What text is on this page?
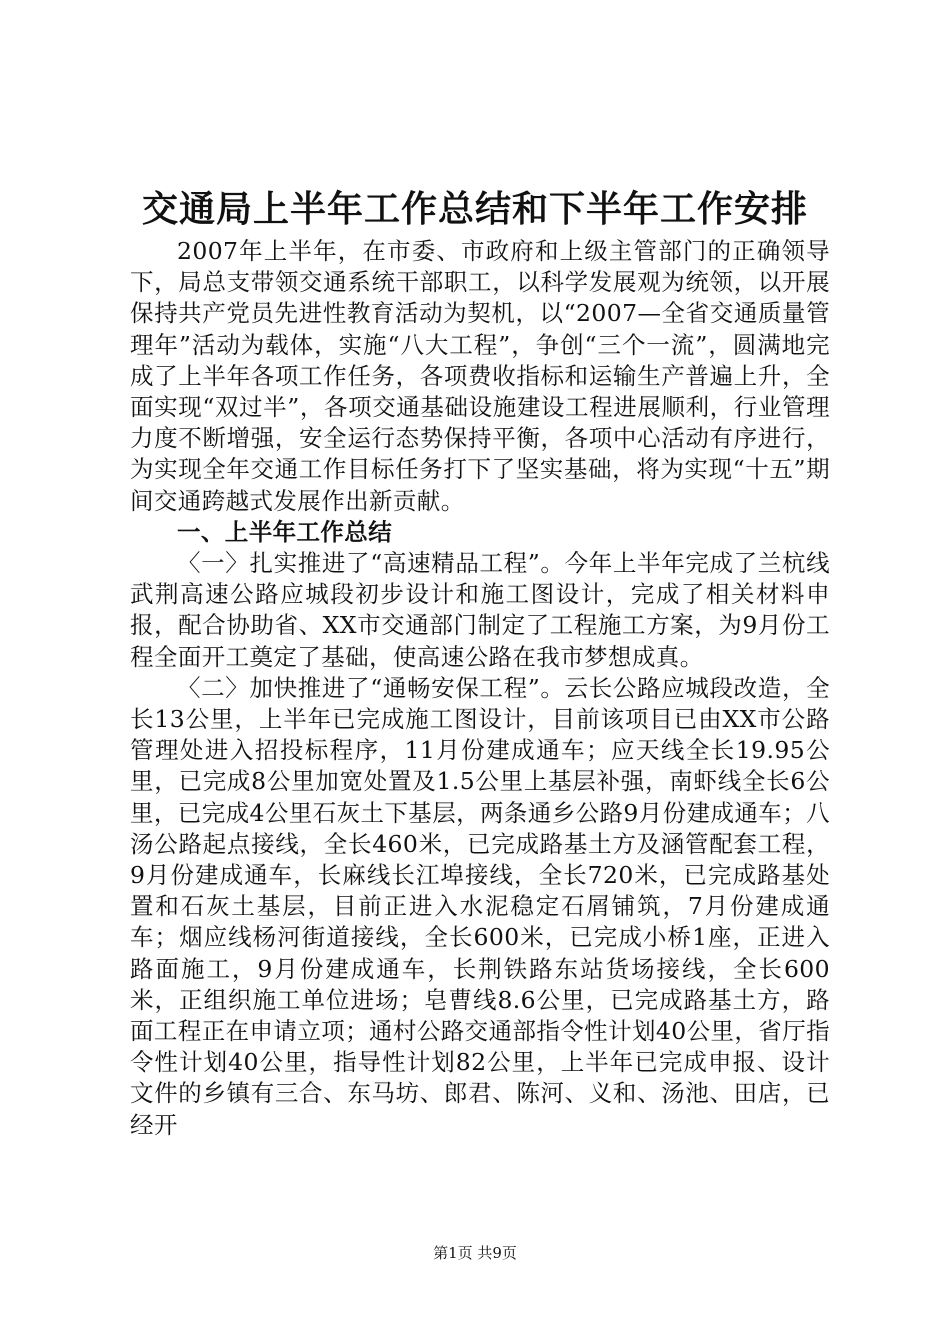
交通局上半年工作总结和下半年工作安排

2007年上半年，在市委、市政府和上级主管部门的正确领导下，局总支带领交通系统干部职工，以科学发展观为统领，以开展保持共产党员先进性教育活动为契机，以“2007—全省交通质量管理年”活动为载体，实施“八大工程”，争创“三个一流”，圆满地完成了上半年各项工作任务，各项费收指标和运输生产普遍上升，全面实现“双过半”，各项交通基础设施建设工程进展顺利，行业管理力度不断增强，安全运行态势保持平衡，各项中心活动有序进行，为实现全年交通工作目标任务打下了坚实基础，将为实现“十五”期间交通跨越式发展作出新贡献。

一、上半年工作总结

〈一〉扎实推进了“高速精品工程”。今年上半年完成了兰杭线武荆高速公路应城段初步设计和施工图设计，完成了相关材料申报，配合协助省、XX市交通部门制定了工程施工方案，为9月份工程全面开工奠定了基础，使高速公路在我市梦想成真。

〈二〉加快推进了“通畅安保工程”。云长公路应城段改造，全长13公里，上半年已完成施工图设计，目前该项目已由XX市公路管理处进入招投标程序，11月份建成通车；应天线全长19.95公里，已完成8公里加宽处置及1.5公里上基层补强，南虾线全长6公里，已完成4公里石灰土下基层，两条通乡公路9月份建成通车；八汤公路起点接线，全长460米，已完成路基土方及涵管配套工程，9月份建成通车，长麻线长江埠接线，全长720米，已完成路基处置和石灰土基层，目前正进入水泥稳定石屑铺筑，7月份建成通车；烟应线杨河街道接线，全长600米，已完成小桥1座，正进入路面施工，9月份建成通车，长荆铁路东站货场接线，全长600米，正组织施工单位进场；皂曹线8.6公里，已完成路基土方，路面工程正在申请立项；通村公路交通部指令性计划40公里，省厅指令性计划40公里，指导性计划82公里，上半年已完成申报、设计文件的乡镇有三合、东马坊、郎君、陈河、义和、汤池、田店，已经开

第1页 共9页
